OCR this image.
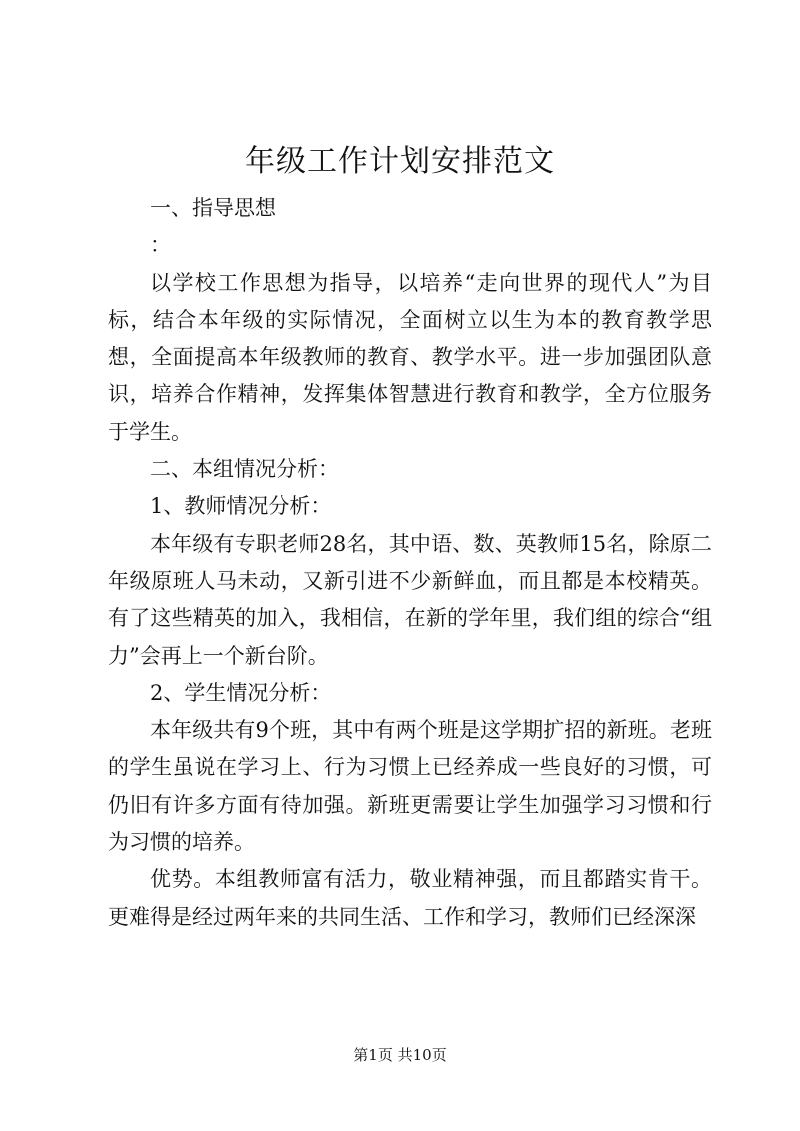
年级工作计划安排范文

一、指导思想

：

以学校工作思想为指导，以培养“走向世界的现代人”为目标，结合本年级的实际情况，全面树立以生为本的教育教学思想，全面提高本年级教师的教育、教学水平。进一步加强团队意识，培养合作精神，发挥集体智慧进行教育和教学，全方位服务于学生。

二、本组情况分析：

1、教师情况分析：

本年级有专职老师28名，其中语、数、英教师15名，除原二年级原班人马未动，又新引进不少新鲜血，而且都是本校精英。有了这些精英的加入，我相信，在新的学年里，我们组的综合“组力”会再上一个新台阶。

2、学生情况分析：

本年级共有9个班，其中有两个班是这学期扩招的新班。老班的学生虽说在学习上、行为习惯上已经养成一些良好的习惯，可仍旧有许多方面有待加强。新班更需要让学生加强学习习惯和行为习惯的培养。

优势。本组教师富有活力，敬业精神强，而且都踏实肯干。更难得是经过两年来的共同生活、工作和学习，教师们已经深深

第1页 共10页
